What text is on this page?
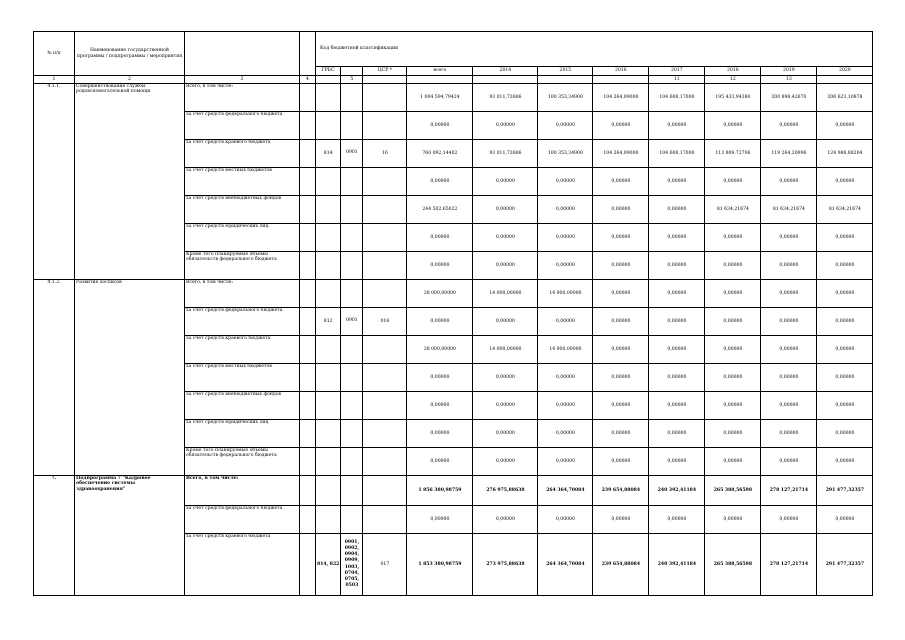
№ п/п	Наименование государственной программы / подпрограммы / мероприятия			Код бюджетной классификации										
				ГРБС		ЦСР *	всего	2014	2015	2016	2017	2018	2019	2020
1	2	3	4		5						11	12	13	
4.1.1.	Совершенствование службы родовспомогательной помощи	Всего, в том числе:					1 004 594,79424	93 011,72606	100 353,34900	104 264,09000	104 608,17000	195 433,94380	200 898,42670	206 623,10878
		за счет средств федерального бюджета					0,00000	0,00000	0,00000	0,00000	0,00000	0,00000	0,00000	0,00000
		за счет средств краевого бюджета		814	0901	16	760 092,14402	93 011,72606	100 353,34900	104 264,09000	104 608,17000	113 809,72706	119 264,20996	124 988,88204
		за счет средств местных бюджетов					0,00000	0,00000	0,00000	0,00000	0,00000	0,00000	0,00000	0,00000
		за счет средств внебюджетных фондов					244 502,65022	0,00000	0,00000	0,00000	0,00000	81 634,21674	81 634,21674	81 634,21674
		за счет средств юридических лиц					0,00000	0,00000	0,00000	0,00000	0,00000	0,00000	0,00000	0,00000
		Кроме того планируемые объемы обязательств федерального бюджета					0,00000	0,00000	0,00000	0,00000	0,00000	0,00000	0,00000	0,00000
4.1.2.	Развитие хосписов	Всего, в том числе:					28 000,00000	14 000,00000	14 000,00000	0,00000	0,00000	0,00000	0,00000	0,00000
		за счет средств федерального бюджета		812	0901	016	0,00000	0,00000	0,00000	0,00000	0,00000	0,00000	0,00000	0,00000
		за счет средств краевого бюджета					28 000,00000	14 000,00000	14 000,00000	0,00000	0,00000	0,00000	0,00000	0,00000
		за счет средств местных бюджетов					0,00000	0,00000	0,00000	0,00000	0,00000	0,00000	0,00000	0,00000
		за счет средств внебюджетных фондов					0,00000	0,00000	0,00000	0,00000	0,00000	0,00000	0,00000	0,00000
		за счет средств юридических лиц					0,00000	0,00000	0,00000	0,00000	0,00000	0,00000	0,00000	0,00000
		Кроме того планируемые объемы обязательств федерального бюджета					0,00000	0,00000	0,00000	0,00000	0,00000	0,00000	0,00000	0,00000
7.	Подпрограмма 7 "Кадровое обеспечение системы здравоохранения"	Всего, в том числе:					1 856 380,98759	276 975,88638	264 364,70084	239 654,88084	240 392,41184	265 388,56598	278 127,21714	291 477,32357
		за счет средств федерального бюджета					0,00000	0,00000	0,00000	0,00000	0,00000	0,00000	0,00000	0,00000
		за счет средств краевого бюджета		814, 822	0901, 0902, 0904, 0909, 1003, 0704, 0705, 0503	017	1 853 380,98759	273 975,88638	264 364,70084	239 654,88084	240 392,41184	265 388,56598	278 127,21714	291 477,32357
